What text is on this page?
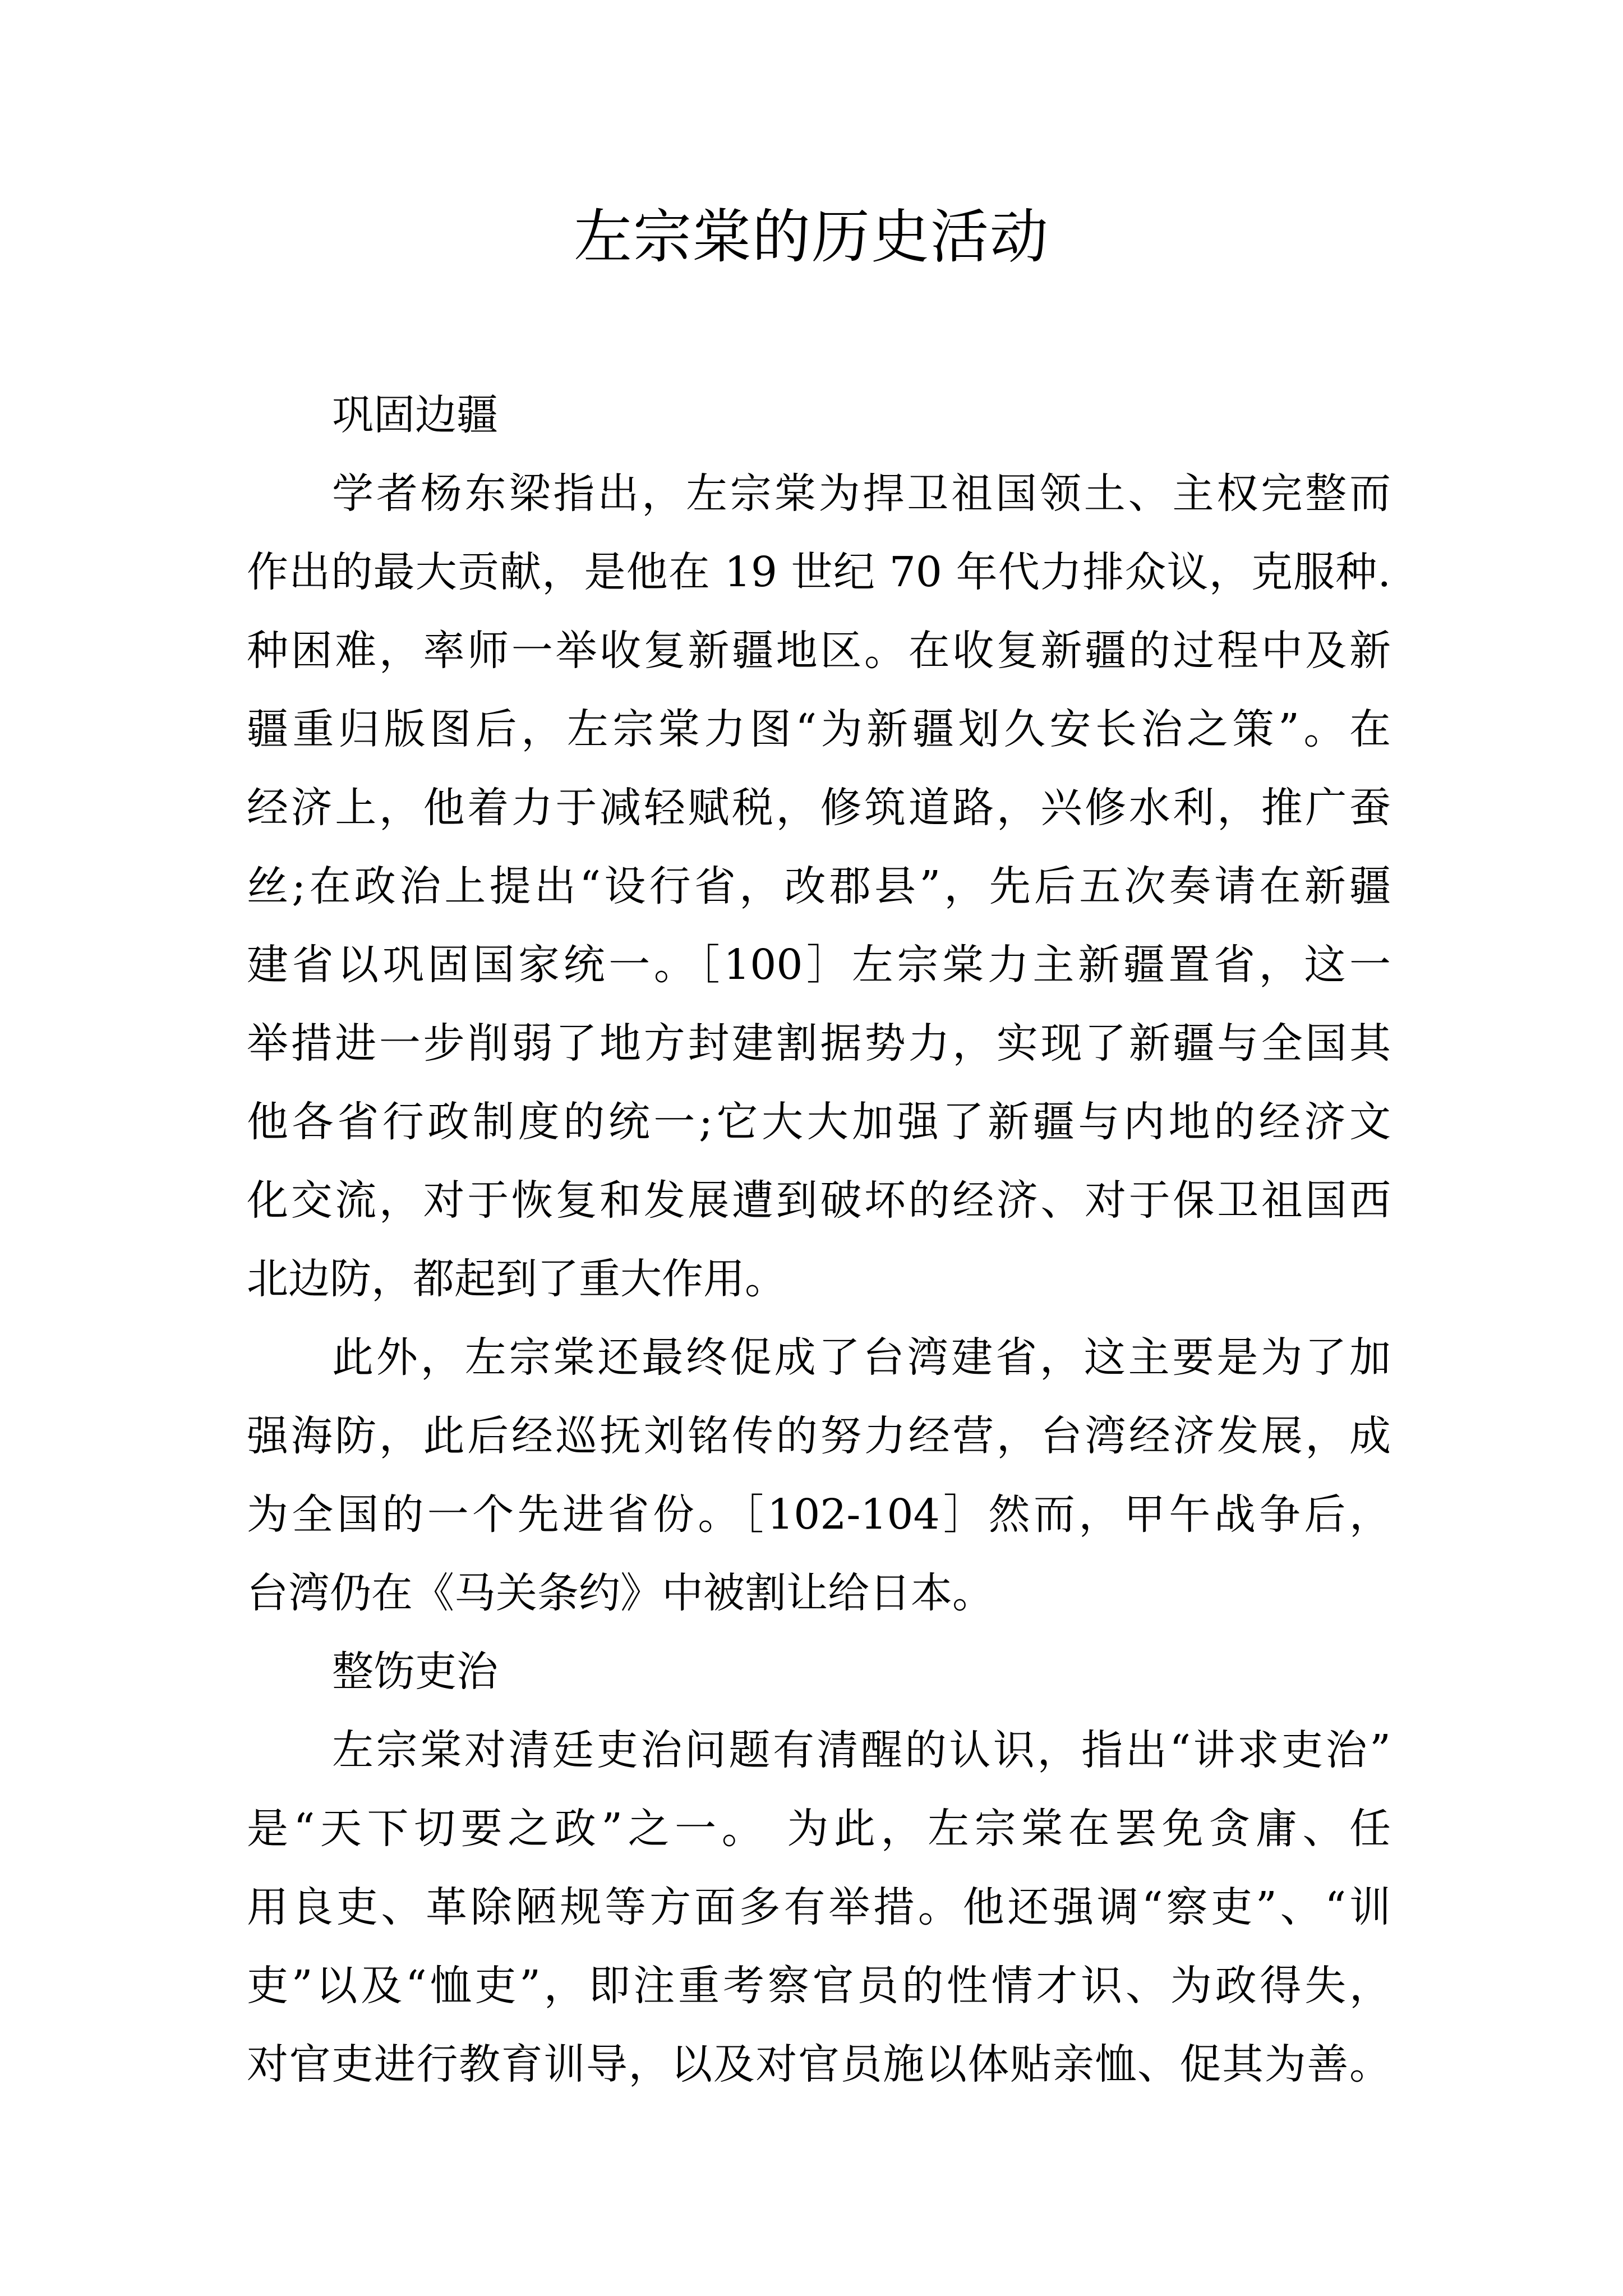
左宗棠的历史活动
巩固边疆
学者杨东梁指出，左宗棠为捍卫祖国领土、主权完整而
作出的最大贡献，是他在 19 世纪 70 年代力排众议，克服种.
种困难，率师一举收复新疆地区。在收复新疆的过程中及新
疆重归版图后，左宗棠力图“为新疆划久安长治之策”。在
经济上，他着力于减轻赋税，修筑道路，兴修水利，推广蚕
丝;在政治上提出“设行省，改郡县”，先后五次奏请在新疆
建省以巩固国家统一。［100］左宗棠力主新疆置省，这一
举措进一步削弱了地方封建割据势力，实现了新疆与全国其
他各省行政制度的统一;它大大加强了新疆与内地的经济文
化交流，对于恢复和发展遭到破坏的经济、对于保卫祖国西
北边防，都起到了重大作用。
此外，左宗棠还最终促成了台湾建省，这主要是为了加
强海防，此后经巡抚刘铭传的努力经营，台湾经济发展，成
为全国的一个先进省份。［102-104］然而，甲午战争后，
台湾仍在《马关条约》中被割让给日本。
整饬吏治
左宗棠对清廷吏治问题有清醒的认识，指出“讲求吏治”
是“天下切要之政”之一。 为此，左宗棠在罢免贪庸、任
用良吏、革除陋规等方面多有举措。他还强调“察吏”、“训
吏”以及“恤吏”，即注重考察官员的性情才识、为政得失，
对官吏进行教育训导，以及对官员施以体贴亲恤、促其为善。
